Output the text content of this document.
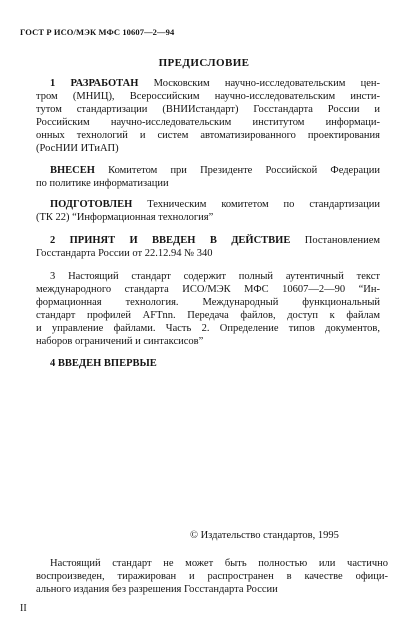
ГОСТ Р ИСО/МЭК МФС 10607—2—94
ПРЕДИСЛОВИЕ
1 РАЗРАБОТАН Московским научно-исследовательским цен-
тром (МНИЦ), Всероссийским научно-исследовательским инсти-
тутом стандартизации (ВНИИстандарт) Госстандарта России и
Российским научно-исследовательским институтом информаци-
онных технологий и систем автоматизированного проектирования
(РосНИИ ИТиАП)
ВНЕСЕН Комитетом при Президенте Российской Федерации
по политике информатизации
ПОДГОТОВЛЕН Техническим комитетом по стандартизации
(ТК 22) “Информационная технология”
2 ПРИНЯТ И ВВЕДЕН В ДЕЙСТВИЕ Постановлением
Госстандарта России от 22.12.94 № 340
3 Настоящий стандарт содержит полный аутентичный текст
международного стандарта ИСО/МЭК МФС 10607—2—90 “Ин-
формационная технология. Международный функциональный
стандарт профилей AFTnn. Передача файлов, доступ к файлам
и управление файлами. Часть 2. Определение типов документов,
наборов ограничений и синтаксисов”
4 ВВЕДЕН ВПЕРВЫЕ
© Издательство стандартов, 1995
Настоящий стандарт не может быть полностью или частично
воспроизведен, тиражирован и распространен в качестве офици-
ального издания без разрешения Госстандарта России
II
